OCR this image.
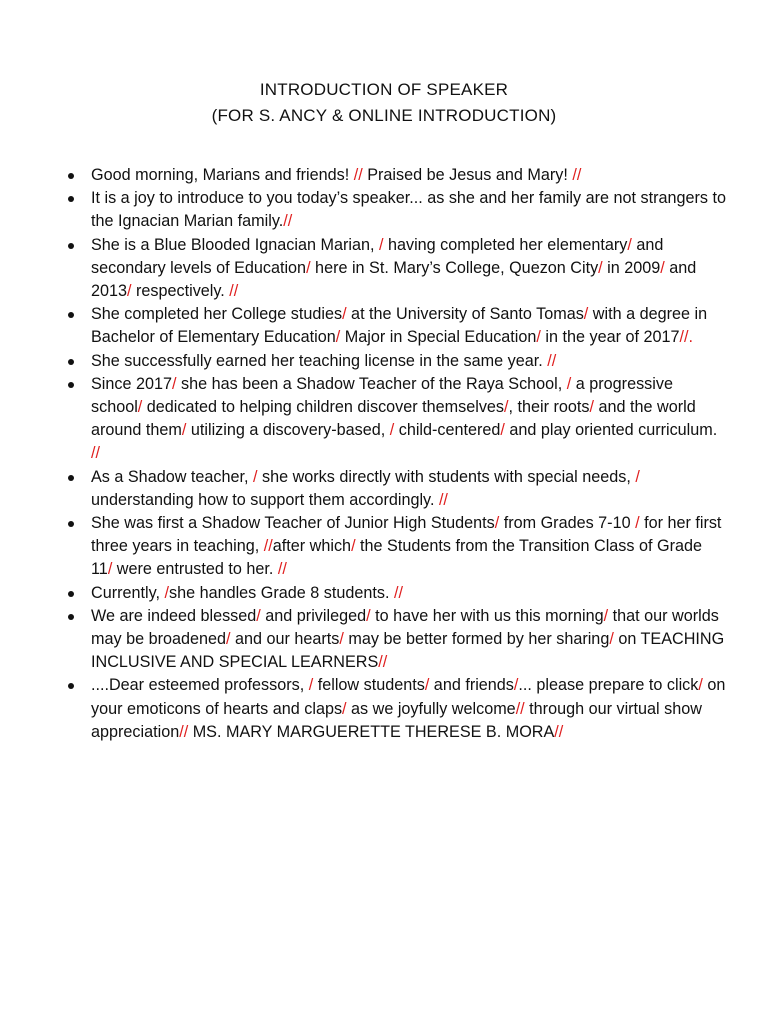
INTRODUCTION OF SPEAKER
(FOR S. ANCY & ONLINE INTRODUCTION)
Good morning, Marians and friends! // Praised be Jesus and Mary! //
It is a joy to introduce to you today’s speaker... as she and her family are not strangers to the Ignacian Marian family.//
She is a Blue Blooded Ignacian Marian, / having completed her elementary/ and secondary levels of Education/ here in St. Mary’s College, Quezon City/ in 2009/ and 2013/ respectively. //
She completed her College studies/ at the University of Santo Tomas/ with a degree in Bachelor of Elementary Education/ Major in Special Education/ in the year of 2017//.
She successfully earned her teaching license in the same year. //
Since 2017/ she has been a Shadow Teacher of the Raya School, / a progressive school/ dedicated to helping children discover themselves/, their roots/ and the world around them/ utilizing a discovery-based, / child-centered/ and play oriented curriculum. //
As a Shadow teacher, / she works directly with students with special needs, / understanding how to support them accordingly. //
She was first a Shadow Teacher of Junior High Students/ from Grades 7-10 / for her first three years in teaching, //after which/ the Students from the Transition Class of Grade 11/ were entrusted to her. //
Currently, /she handles Grade 8 students. //
We are indeed blessed/ and privileged/ to have her with us this morning/ that our worlds may be broadened/ and our hearts/ may be better formed by her sharing/ on TEACHING INCLUSIVE AND SPECIAL LEARNERS//
....Dear esteemed professors, / fellow students/ and friends/... please prepare to click/ on your emoticons of hearts and claps/ as we joyfully welcome// through our virtual show appreciation// MS. MARY MARGUERETTE THERESE B. MORA//
